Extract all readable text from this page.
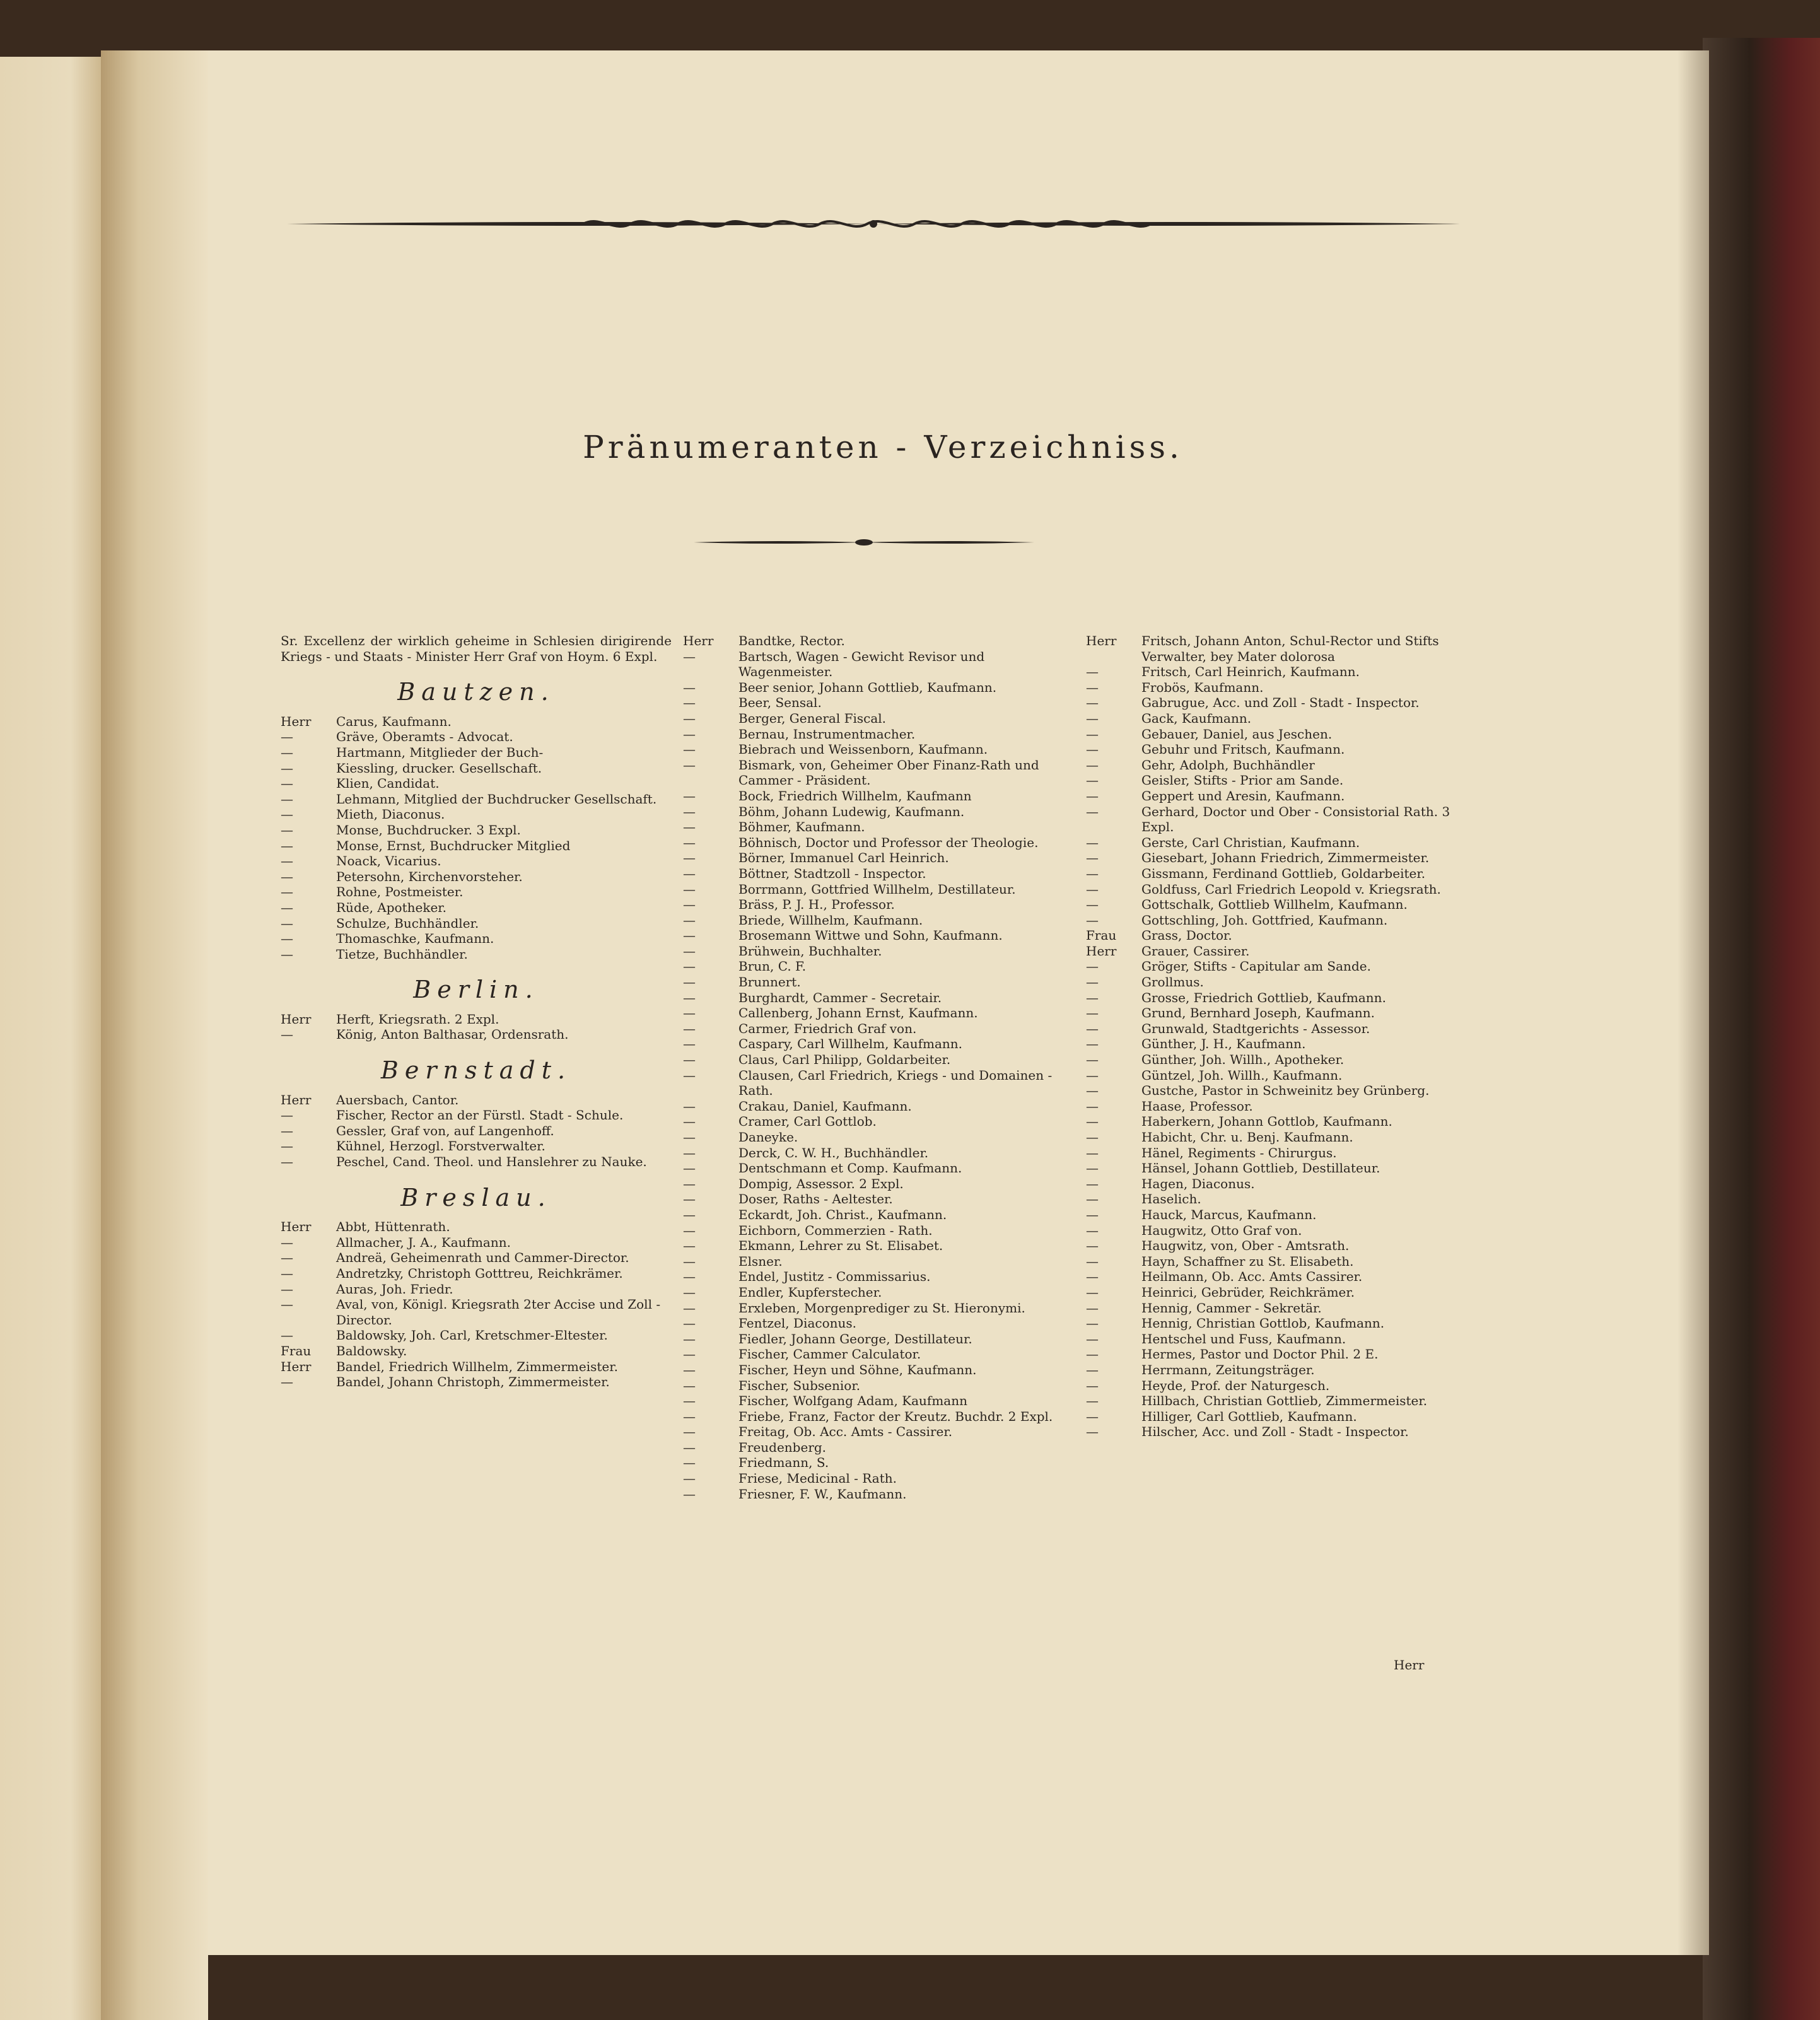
Pränumeranten - Verzeichniss.
Sr. Excellenz der wirklich geheime in Schlesien dirigirende Kriegs - und Staats - Minister Herr Graf von Hoym. 6 Expl.
Bautzen.
Herr	Carus, Kaufmann.
—	Gräve, Oberamts - Advocat.
—	Hartmann, Mitglieder der Buch-
—	Kiessling, drucker. Gesellschaft.
—	Klien, Candidat.
—	Lehmann, Mitglied der Buchdrucker Gesellschaft.
—	Mieth, Diaconus.
—	Monse, Buchdrucker. 3 Expl.
—	Monse, Ernst, Buchdrucker Mitglied
—	Noack, Vicarius.
—	Petersohn, Kirchenvorsteher.
—	Rohne, Postmeister.
—	Rüde, Apotheker.
—	Schulze, Buchhändler.
—	Thomaschke, Kaufmann.
—	Tietze, Buchhändler.
Berlin.
Herr	Herft, Kriegsrath. 2 Expl.
—	König, Anton Balthasar, Ordensrath.
Bernstadt.
Herr	Auersbach, Cantor.
—	Fischer, Rector an der Fürstl. Stadt - Schule.
—	Gessler, Graf von, auf Langenhoff.
—	Kühnel, Herzogl. Forstverwalter.
—	Peschel, Cand. Theol. und Hanslehrer zu Nauke.
Breslau.
Herr	Abbt, Hüttenrath.
—	Allmacher, J. A., Kaufmann.
—	Andreä, Geheimenrath und Cammer-Director.
—	Andretzky, Christoph Gotttreu, Reichkrämer.
—	Auras, Joh. Friedr.
—	Aval, von, Königl. Kriegsrath 2ter Accise und Zoll - Director.
—	Baldowsky, Joh. Carl, Kretschmer-Eltester.
Frau	Baldowsky.
Herr	Bandel, Friedrich Willhelm, Zimmermeister.
—	Bandel, Johann Christoph, Zimmermeister.
Herr	Bandtke, Rector.
—	Bartsch, Wagen - Gewicht Revisor und Wagenmeister.
—	Beer senior, Johann Gottlieb, Kaufmann.
—	Beer, Sensal.
—	Berger, General Fiscal.
—	Bernau, Instrumentmacher.
—	Biebrach und Weissenborn, Kaufmann.
—	Bismark, von, Geheimer Ober Finanz-Rath und Cammer - Präsident.
—	Bock, Friedrich Willhelm, Kaufmann
—	Böhm, Johann Ludewig, Kaufmann.
—	Böhmer, Kaufmann.
—	Böhnisch, Doctor und Professor der Theologie.
—	Börner, Immanuel Carl Heinrich.
—	Böttner, Stadtzoll - Inspector.
—	Borrmann, Gottfried Willhelm, Destillateur.
—	Bräss, P. J. H., Professor.
—	Briede, Willhelm, Kaufmann.
—	Brosemann Wittwe und Sohn, Kaufmann.
—	Brühwein, Buchhalter.
—	Brun, C. F.
—	Brunnert.
—	Burghardt, Cammer - Secretair.
—	Callenberg, Johann Ernst, Kaufmann.
—	Carmer, Friedrich Graf von.
—	Caspary, Carl Willhelm, Kaufmann.
—	Claus, Carl Philipp, Goldarbeiter.
—	Clausen, Carl Friedrich, Kriegs - und Domainen - Rath.
—	Crakau, Daniel, Kaufmann.
—	Cramer, Carl Gottlob.
—	Daneyke.
—	Derck, C. W. H., Buchhändler.
—	Dentschmann et Comp. Kaufmann.
—	Dompig, Assessor. 2 Expl.
—	Doser, Raths - Aeltester.
—	Eckardt, Joh. Christ., Kaufmann.
—	Eichborn, Commerzien - Rath.
—	Ekmann, Lehrer zu St. Elisabet.
—	Elsner.
—	Endel, Justitz - Commissarius.
—	Endler, Kupferstecher.
—	Erxleben, Morgenprediger zu St. Hieronymi.
—	Fentzel, Diaconus.
—	Fiedler, Johann George, Destillateur.
—	Fischer, Cammer Calculator.
—	Fischer, Heyn und Söhne, Kaufmann.
—	Fischer, Subsenior.
—	Fischer, Wolfgang Adam, Kaufmann
—	Friebe, Franz, Factor der Kreutz. Buchdr. 2 Expl.
—	Freitag, Ob. Acc. Amts - Cassirer.
—	Freudenberg.
—	Friedmann, S.
—	Friese, Medicinal - Rath.
—	Friesner, F. W., Kaufmann.
Herr	Fritsch, Johann Anton, Schul-Rector und Stifts Verwalter, bey Mater dolorosa
—	Fritsch, Carl Heinrich, Kaufmann.
—	Frobös, Kaufmann.
—	Gabrugue, Acc. und Zoll - Stadt - Inspector.
—	Gack, Kaufmann.
—	Gebauer, Daniel, aus Jeschen.
—	Gebuhr und Fritsch, Kaufmann.
—	Gehr, Adolph, Buchhändler
—	Geisler, Stifts - Prior am Sande.
—	Geppert und Aresin, Kaufmann.
—	Gerhard, Doctor und Ober - Consistorial Rath. 3 Expl.
—	Gerste, Carl Christian, Kaufmann.
—	Giesebart, Johann Friedrich, Zimmermeister.
—	Gissmann, Ferdinand Gottlieb, Goldarbeiter.
—	Goldfuss, Carl Friedrich Leopold v. Kriegsrath.
—	Gottschalk, Gottlieb Willhelm, Kaufmann.
—	Gottschling, Joh. Gottfried, Kaufmann.
Frau	Grass, Doctor.
Herr	Grauer, Cassirer.
—	Gröger, Stifts - Capitular am Sande.
—	Grollmus.
—	Grosse, Friedrich Gottlieb, Kaufmann.
—	Grund, Bernhard Joseph, Kaufmann.
—	Grunwald, Stadtgerichts - Assessor.
—	Günther, J. H., Kaufmann.
—	Günther, Joh. Willh., Apotheker.
—	Güntzel, Joh. Willh., Kaufmann.
—	Gustche, Pastor in Schweinitz bey Grünberg.
—	Haase, Professor.
—	Haberkern, Johann Gottlob, Kaufmann.
—	Habicht, Chr. u. Benj. Kaufmann.
—	Hänel, Regiments - Chirurgus.
—	Hänsel, Johann Gottlieb, Destillateur.
—	Hagen, Diaconus.
—	Haselich.
—	Hauck, Marcus, Kaufmann.
—	Haugwitz, Otto Graf von.
—	Haugwitz, von, Ober - Amtsrath.
—	Hayn, Schaffner zu St. Elisabeth.
—	Heilmann, Ob. Acc. Amts Cassirer.
—	Heinrici, Gebrüder, Reichkrämer.
—	Hennig, Cammer - Sekretär.
—	Hennig, Christian Gottlob, Kaufmann.
—	Hentschel und Fuss, Kaufmann.
—	Hermes, Pastor und Doctor Phil. 2 E.
—	Herrmann, Zeitungsträger.
—	Heyde, Prof. der Naturgesch.
—	Hillbach, Christian Gottlieb, Zimmermeister.
—	Hilliger, Carl Gottlieb, Kaufmann.
—	Hilscher, Acc. und Zoll - Stadt - Inspector.
Herr
